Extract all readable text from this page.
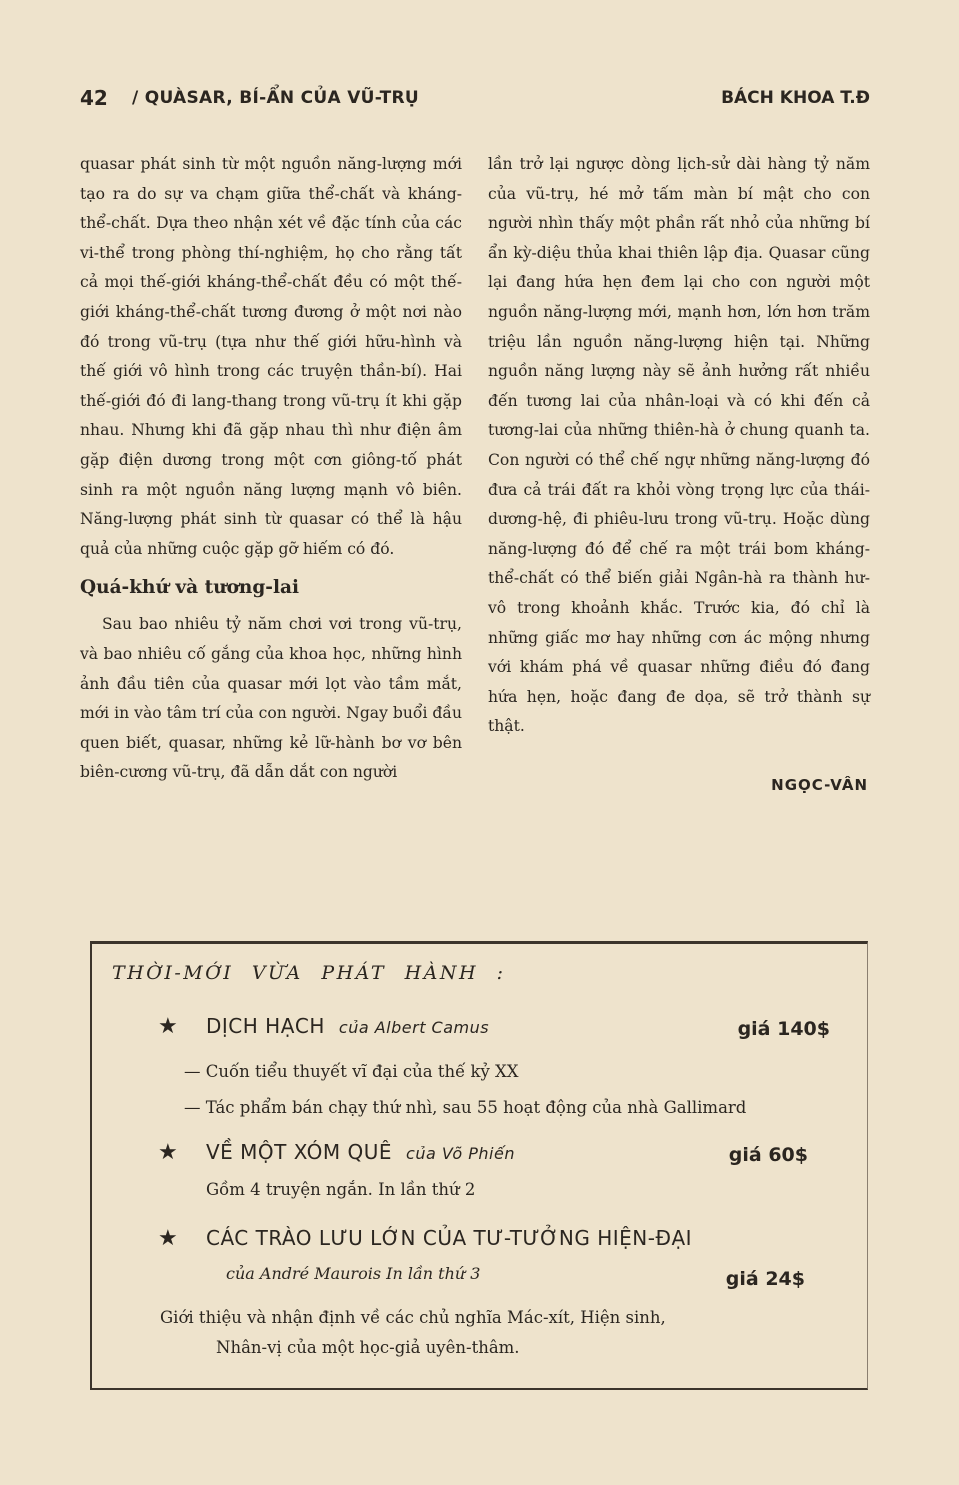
42 / QUÀSAR, BÍ-ẨN CỦA VŨ-TRỤ	BÁCH KHOA T.Đ

quasar phát sinh từ một nguồn năng-lượng mới tạo ra do sự va chạm giữa thể-chất và kháng-thể-chất. Dựa theo nhận xét về đặc tính của các vi-thể trong phòng thí-nghiệm, họ cho rằng tất cả mọi thế-giới kháng-thể-chất đều có một thế-giới kháng-thể-chất tương đương ở một nơi nào đó trong vũ-trụ (tựa như thế giới hữu-hình và thế giới vô hình trong các truyện thần-bí). Hai thế-giới đó đi lang-thang trong vũ-trụ ít khi gặp nhau. Nhưng khi đã gặp nhau thì như điện âm gặp điện dương trong một cơn giông-tố phát sinh ra một nguồn năng lượng mạnh vô biên. Năng-lượng phát sinh từ quasar có thể là hậu quả của những cuộc gặp gỡ hiếm có đó.

Quá-khứ và tương-lai

Sau bao nhiêu tỷ năm chơi vơi trong vũ-trụ, và bao nhiêu cố gắng của khoa học, những hình ảnh đầu tiên của quasar mới lọt vào tầm mắt, mới in vào tâm trí của con người. Ngay buổi đầu quen biết, quasar, những kẻ lữ-hành bơ vơ bên biên-cương vũ-trụ, đã dẫn dắt con người

lần trở lại ngược dòng lịch-sử dài hàng tỷ năm của vũ-trụ, hé mở tấm màn bí mật cho con người nhìn thấy một phần rất nhỏ của những bí ẩn kỳ-diệu thủa khai thiên lập địa. Quasar cũng lại đang hứa hẹn đem lại cho con người một nguồn năng-lượng mới, mạnh hơn, lớn hơn trăm triệu lần nguồn năng-lượng hiện tại. Những nguồn năng lượng này sẽ ảnh hưởng rất nhiều đến tương lai của nhân-loại và có khi đến cả tương-lai của những thiên-hà ở chung quanh ta. Con người có thể chế ngự những năng-lượng đó đưa cả trái đất ra khỏi vòng trọng lực của thái-dương-hệ, đi phiêu-lưu trong vũ-trụ. Hoặc dùng năng-lượng đó để chế ra một trái bom kháng-thể-chất có thể biến giải Ngân-hà ra thành hư-vô trong khoảnh khắc. Trước kia, đó chỉ là những giấc mơ hay những cơn ác mộng nhưng với khám phá về quasar những điều đó đang hứa hẹn, hoặc đang đe dọa, sẽ trở thành sự thật.

NGỌC-VÂN
THỜI-MỚI VỪA PHÁT HÀNH :
★ DỊCH HẠCH của Albert Camus	giá 140$
— Cuốn tiểu thuyết vĩ đại của thế kỷ XX
— Tác phẩm bán chạy thứ nhì, sau 55 hoạt động của nhà Gallimard
★ VỀ MỘT XÓM QUÊ của Võ Phiến	giá 60$
Gồm 4 truyện ngắn. In lần thứ 2
★ CÁC TRÀO LƯU LỚN CỦA TƯ-TƯỞNG HIỆN-ĐẠI
của André Maurois In lần thứ 3	giá 24$
Giới thiệu và nhận định về các chủ nghĩa Mác-xít, Hiện sinh,
Nhân-vị của một học-giả uyên-thâm.
